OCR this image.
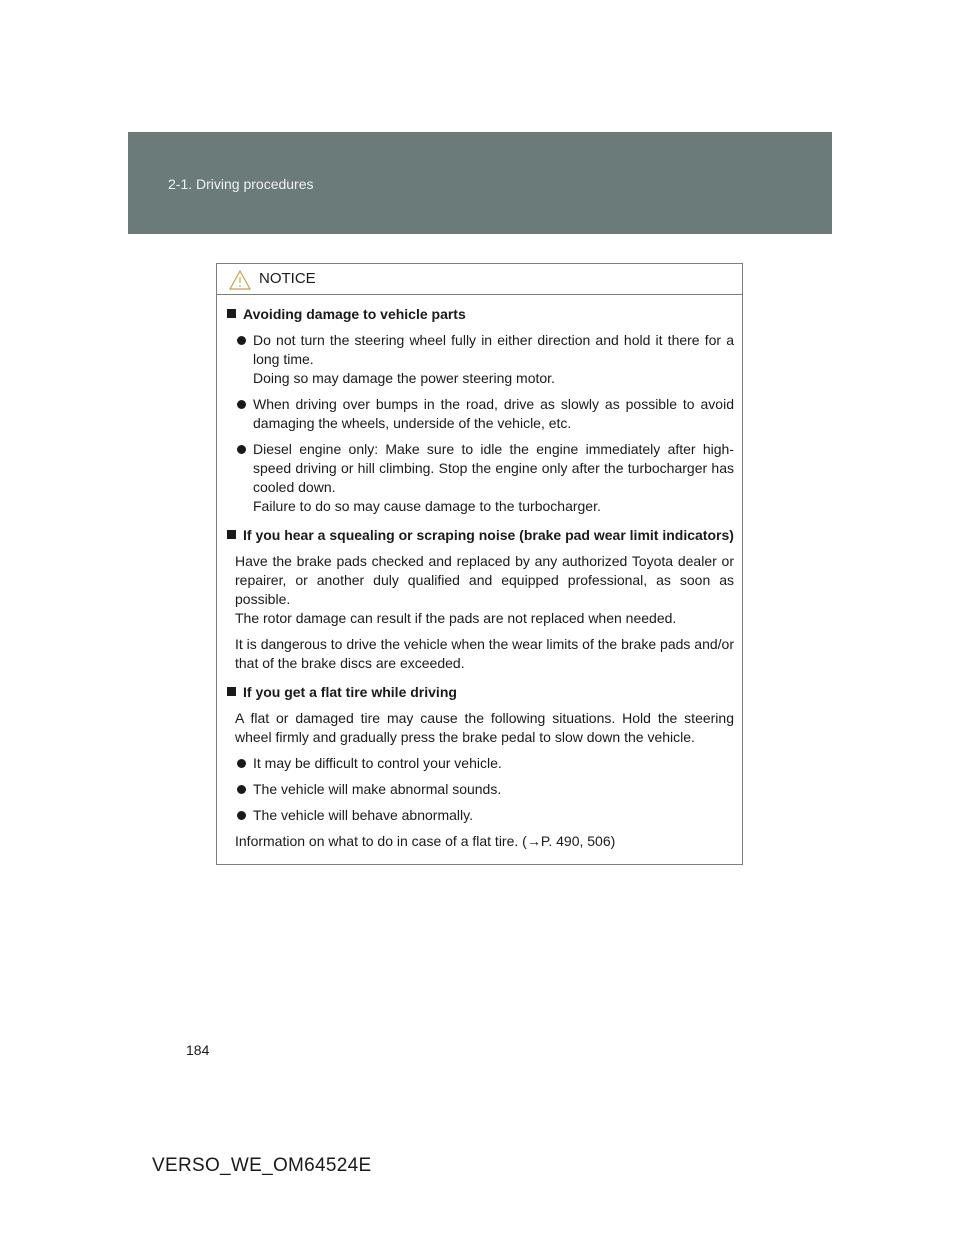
2-1. Driving procedures
NOTICE
Avoiding damage to vehicle parts
Do not turn the steering wheel fully in either direction and hold it there for a long time.
Doing so may damage the power steering motor.
When driving over bumps in the road, drive as slowly as possible to avoid damaging the wheels, underside of the vehicle, etc.
Diesel engine only: Make sure to idle the engine immediately after high-speed driving or hill climbing. Stop the engine only after the turbocharger has cooled down.
Failure to do so may cause damage to the turbocharger.
If you hear a squealing or scraping noise (brake pad wear limit indicators)
Have the brake pads checked and replaced by any authorized Toyota dealer or repairer, or another duly qualified and equipped professional, as soon as possible.
The rotor damage can result if the pads are not replaced when needed.
It is dangerous to drive the vehicle when the wear limits of the brake pads and/or that of the brake discs are exceeded.
If you get a flat tire while driving
A flat or damaged tire may cause the following situations. Hold the steering wheel firmly and gradually press the brake pedal to slow down the vehicle.
It may be difficult to control your vehicle.
The vehicle will make abnormal sounds.
The vehicle will behave abnormally.
Information on what to do in case of a flat tire. (→P. 490, 506)
184
VERSO_WE_OM64524E
